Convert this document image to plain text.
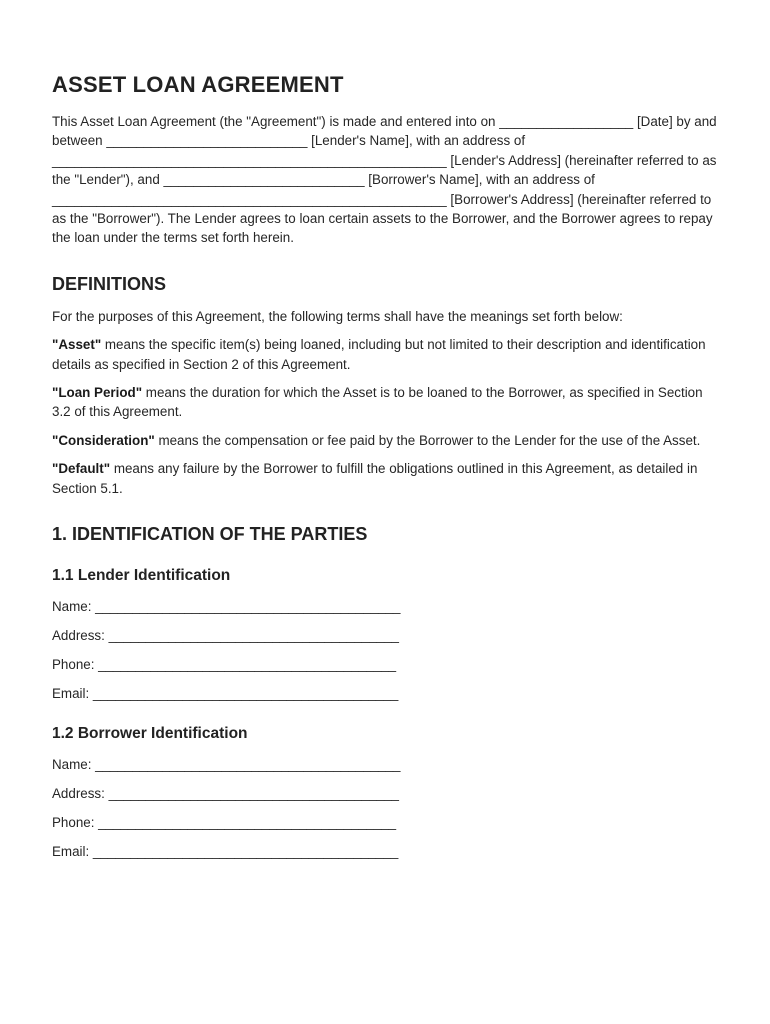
ASSET LOAN AGREEMENT

This Asset Loan Agreement (the "Agreement") is made and entered into on __________________ [Date] by and between ___________________________ [Lender's Name], with an address of _____________________________________________________ [Lender's Address] (hereinafter referred to as the "Lender"), and ___________________________ [Borrower's Name], with an address of _____________________________________________________ [Borrower's Address] (hereinafter referred to as the "Borrower"). The Lender agrees to loan certain assets to the Borrower, and the Borrower agrees to repay the loan under the terms set forth herein.

DEFINITIONS

For the purposes of this Agreement, the following terms shall have the meanings set forth below:

"Asset" means the specific item(s) being loaned, including but not limited to their description and identification details as specified in Section 2 of this Agreement.

"Loan Period" means the duration for which the Asset is to be loaned to the Borrower, as specified in Section 3.2 of this Agreement.

"Consideration" means the compensation or fee paid by the Borrower to the Lender for the use of the Asset.

"Default" means any failure by the Borrower to fulfill the obligations outlined in this Agreement, as detailed in Section 5.1.

1. IDENTIFICATION OF THE PARTIES
1.1 Lender Identification
Name: _________________________________________
Address: _______________________________________
Phone: ________________________________________
Email: _________________________________________
1.2 Borrower Identification
Name: _________________________________________
Address: _______________________________________
Phone: ________________________________________
Email: _________________________________________
